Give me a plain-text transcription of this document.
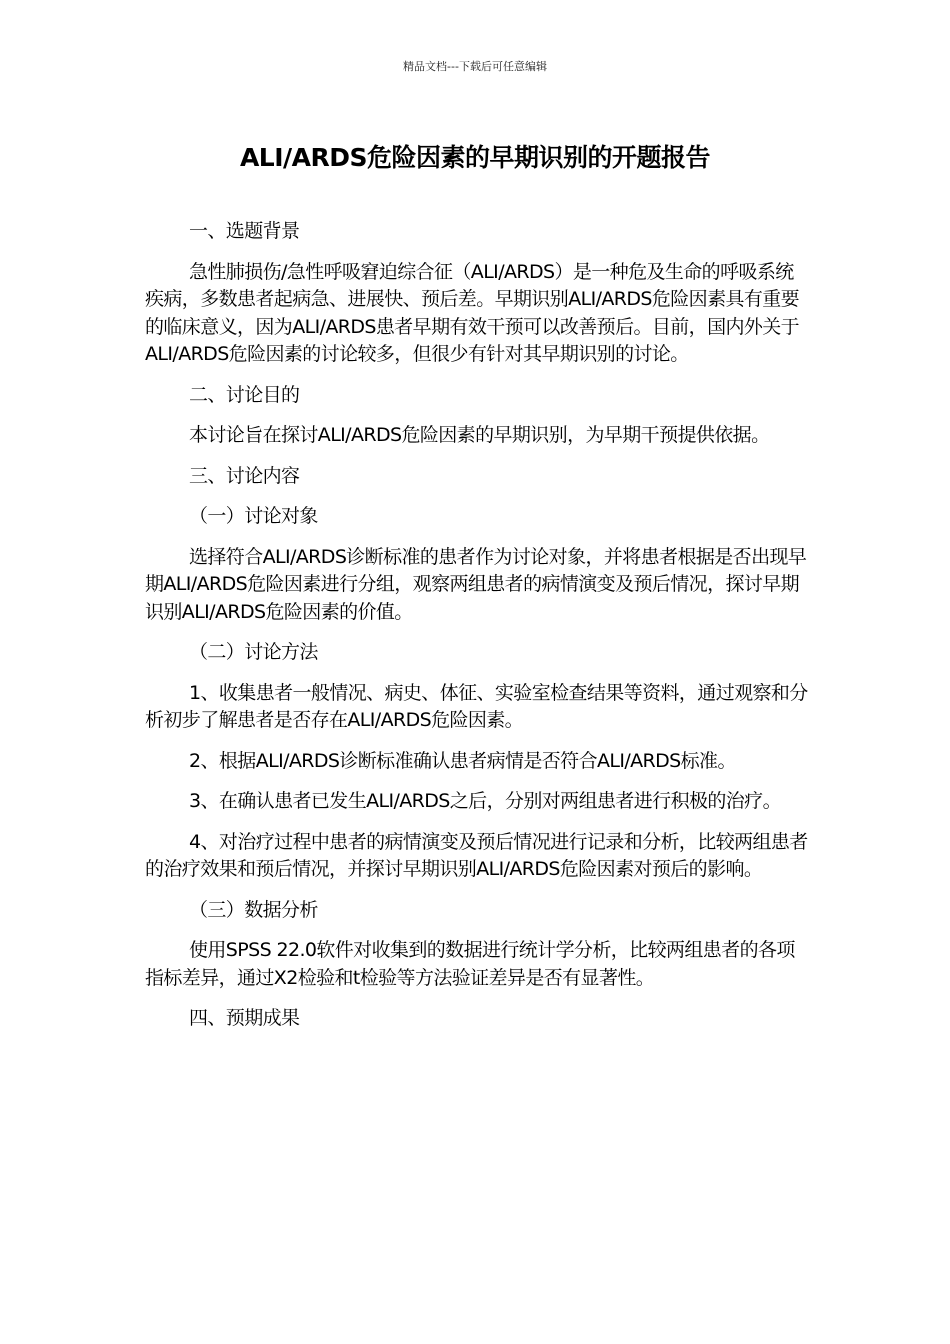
精品文档---下载后可任意编辑
ALI/ARDS危险因素的早期识别的开题报告

一、选题背景

急性肺损伤/急性呼吸窘迫综合征（ALI/ARDS）是一种危及生命的呼吸系统疾病，多数患者起病急、进展快、预后差。早期识别ALI/ARDS危险因素具有重要的临床意义，因为ALI/ARDS患者早期有效干预可以改善预后。目前，国内外关于ALI/ARDS危险因素的讨论较多，但很少有针对其早期识别的讨论。

二、讨论目的

本讨论旨在探讨ALI/ARDS危险因素的早期识别，为早期干预提供依据。

三、讨论内容

（一）讨论对象

选择符合ALI/ARDS诊断标准的患者作为讨论对象，并将患者根据是否出现早期ALI/ARDS危险因素进行分组，观察两组患者的病情演变及预后情况，探讨早期识别ALI/ARDS危险因素的价值。

（二）讨论方法

1、收集患者一般情况、病史、体征、实验室检查结果等资料，通过观察和分析初步了解患者是否存在ALI/ARDS危险因素。

2、根据ALI/ARDS诊断标准确认患者病情是否符合ALI/ARDS标准。

3、在确认患者已发生ALI/ARDS之后，分别对两组患者进行积极的治疗。

4、对治疗过程中患者的病情演变及预后情况进行记录和分析，比较两组患者的治疗效果和预后情况，并探讨早期识别ALI/ARDS危险因素对预后的影响。

（三）数据分析

使用SPSS 22.0软件对收集到的数据进行统计学分析，比较两组患者的各项指标差异，通过X2检验和t检验等方法验证差异是否有显著性。

四、预期成果
